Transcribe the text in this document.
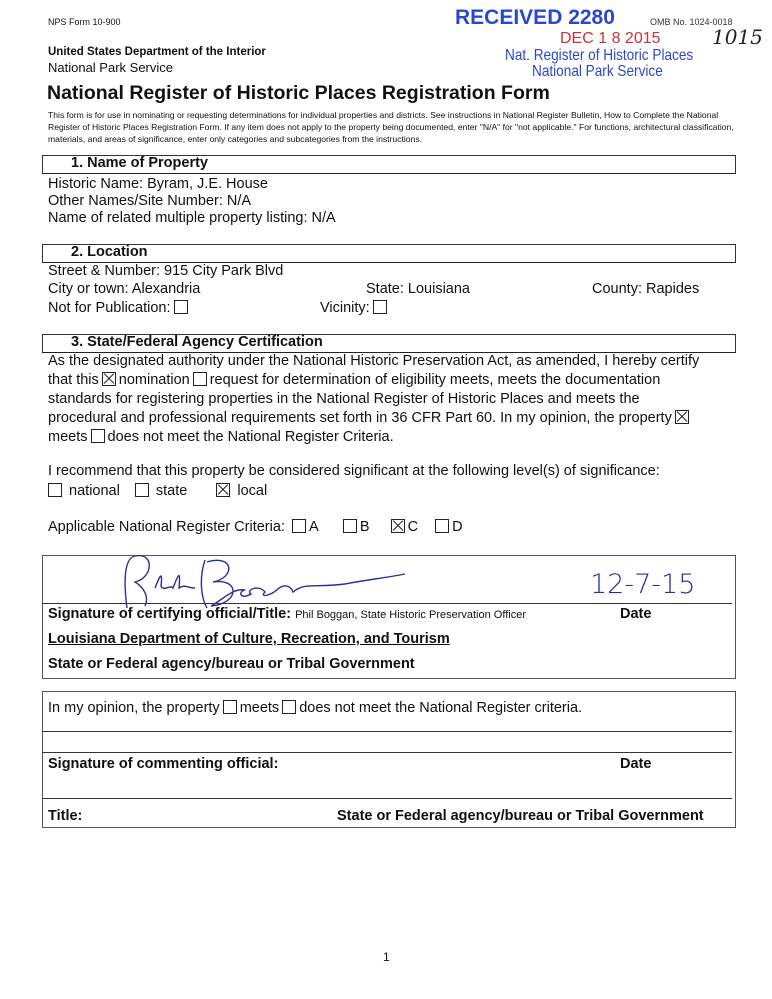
NPS Form 10-900	OMB No. 1024-0018
RECEIVED 2280
DEC 1 8 2015	1015
United States Department of the Interior
National Park Service
Nat. Register of Historic Places
National Park Service
National Register of Historic Places Registration Form
This form is for use in nominating or requesting determinations for individual properties and districts. See instructions in National Register Bulletin, How to Complete the National Register of Historic Places Registration Form. If any item does not apply to the property being documented, enter "N/A" for "not applicable." For functions, architectural classification, materials, and areas of significance, enter only categories and subcategories from the instructions.
1. Name of Property
Historic Name: Byram, J.E. House
Other Names/Site Number: N/A
Name of related multiple property listing: N/A
2. Location
Street & Number: 915 City Park Blvd
City or town: Alexandria	State: Louisiana	County: Rapides
Not for Publication:	Vicinity:
3. State/Federal Agency Certification
As the designated authority under the National Historic Preservation Act, as amended, I hereby certify
that this nomination request for determination of eligibility meets, meets the documentation
standards for registering properties in the National Register of Historic Places and meets the
procedural and professional requirements set forth in 36 CFR Part 60. In my opinion, the property
meets does not meet the National Register Criteria.
I recommend that this property be considered significant at the following level(s) of significance:
national state	local
Applicable National Register Criteria: A	B	C D
12-7-15
Signature of certifying official/Title: Phil Boggan, State Historic Preservation Officer	Date
Louisiana Department of Culture, Recreation, and Tourism
State or Federal agency/bureau or Tribal Government
In my opinion, the property meets does not meet the National Register criteria.
Signature of commenting official:	Date
Title:	State or Federal agency/bureau or Tribal Government
1
